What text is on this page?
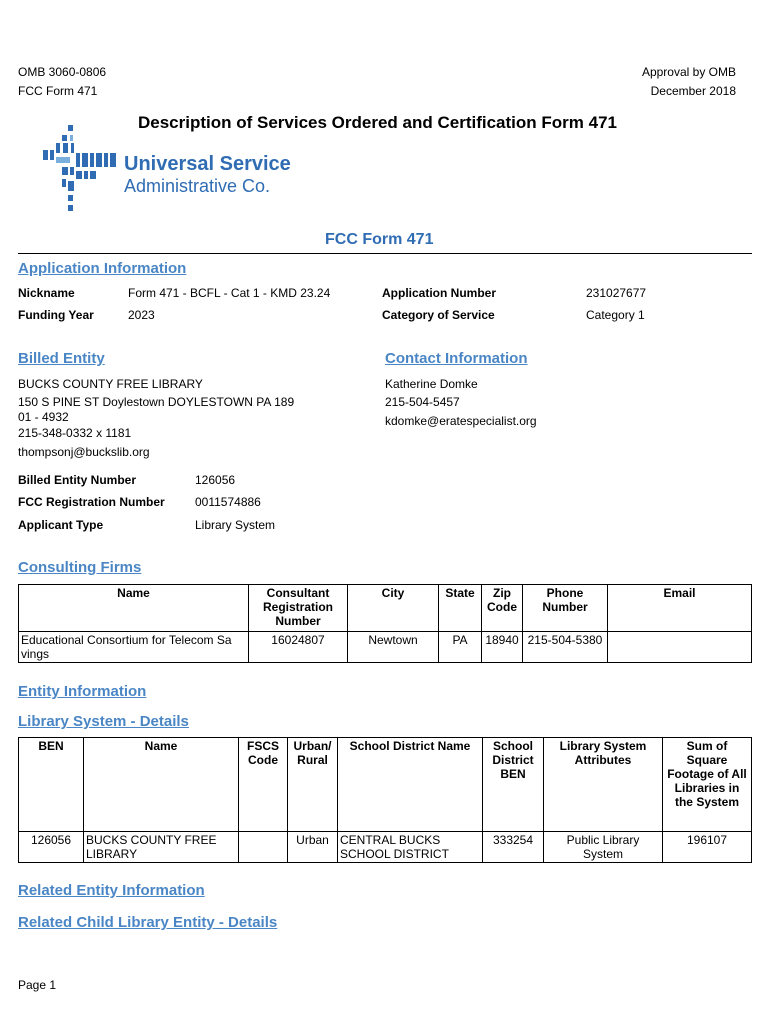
OMB 3060-0806
FCC Form 471
Approval by OMB
December 2018
Description of Services Ordered and Certification Form 471
Universal Service
Administrative Co.
FCC Form 471
Application Information
Nickname	Form 471 - BCFL - Cat 1 - KMD 23.24	Application Number	231027677
Funding Year	2023	Category of Service	Category 1
Billed Entity
BUCKS COUNTY FREE LIBRARY
150 S PINE ST Doylestown DOYLESTOWN PA 189
01 - 4932
215-348-0332 x 1181
thompsonj@buckslib.org
Contact Information
Katherine Domke
215-504-5457
kdomke@eratespecialist.org
Billed Entity Number	126056
FCC Registration Number	0011574886
Applicant Type	Library System
Consulting Firms
Name	Consultant Registration Number	City	State	Zip Code	Phone Number	Email
Educational Consortium for Telecom Sa vings	16024807	Newtown	PA	18940	215-504-5380	
Entity Information
Library System - Details
BEN	Name	FSCS Code	Urban/ Rural	School District Name	School District BEN	Library System Attributes	Sum of Square Footage of All Libraries in the System
126056	BUCKS COUNTY FREE LIBRARY		Urban	CENTRAL BUCKS SCHOOL DISTRICT	333254	Public Library System	196107
Related Entity Information
Related Child Library Entity - Details
Page 1
